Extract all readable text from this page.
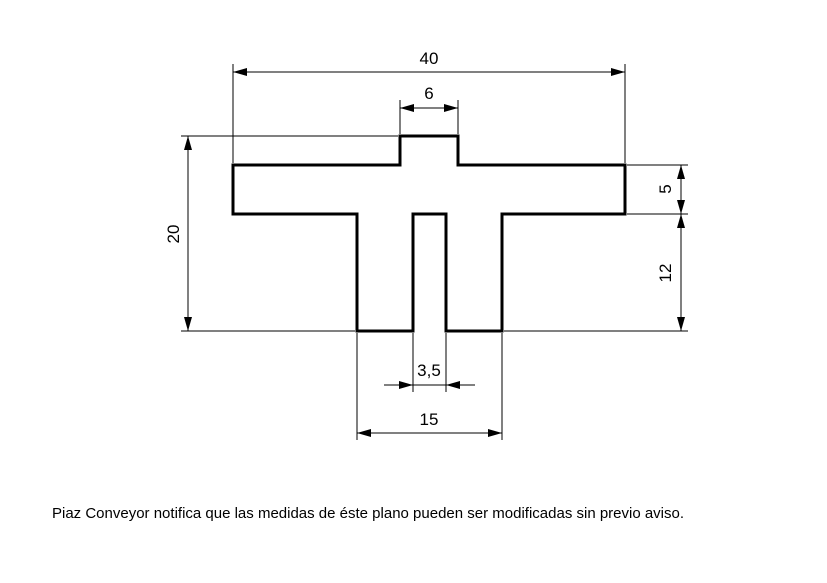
40
6
20
5
12
3,5
15

Piaz Conveyor notifica que las medidas de éste plano pueden ser modificadas sin previo aviso.
